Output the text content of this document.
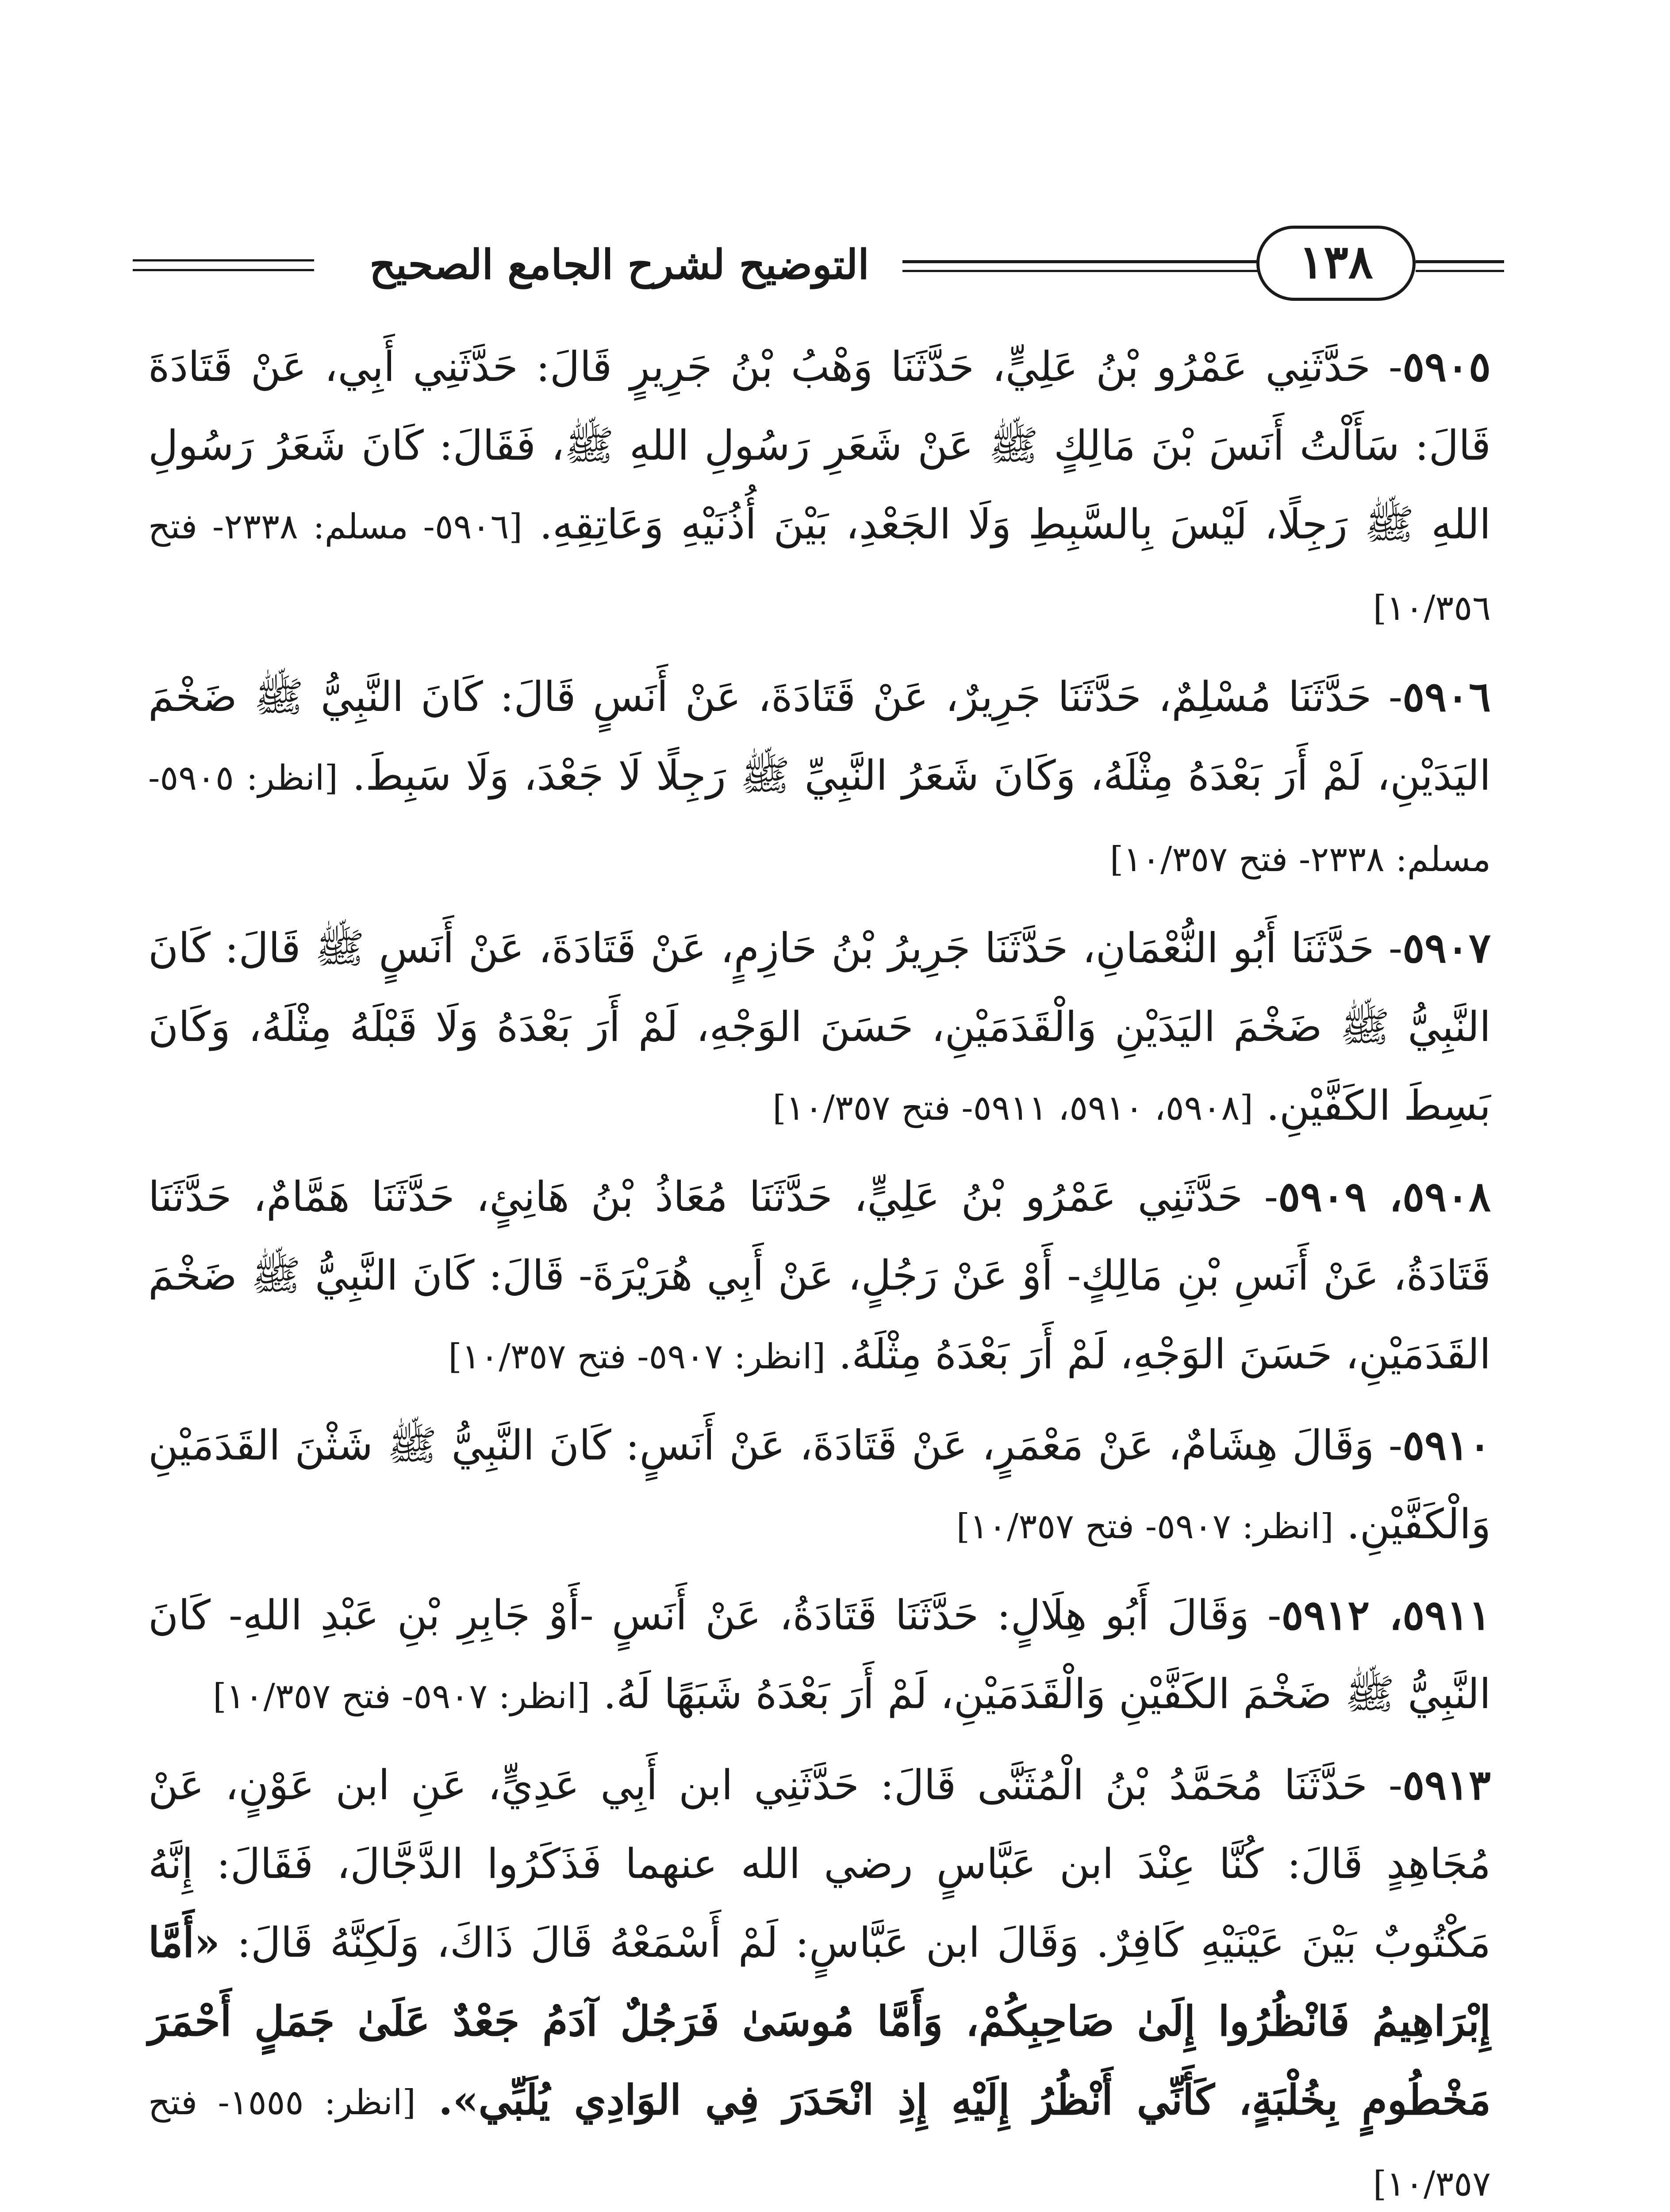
التوضيح لشرح الجامع الصحيح	١٣٨

٥٩٠٥- حَدَّثَنِي عَمْرُو بْنُ عَلِيٍّ، حَدَّثَنَا وَهْبُ بْنُ جَرِيرٍ قَالَ: حَدَّثَنِي أَبِي، عَنْ قَتَادَةَ قَالَ: سَأَلْتُ أَنَسَ بْنَ مَالِكٍ ﷺ عَنْ شَعَرِ رَسُولِ اللهِ ﷺ، فَقَالَ: كَانَ شَعَرُ رَسُولِ اللهِ ﷺ رَجِلًا، لَيْسَ بِالسَّبِطِ وَلَا الجَعْدِ، بَيْنَ أُذُنَيْهِ وَعَاتِقِهِ. [٥٩٠٦- مسلم: ٢٣٣٨- فتح ١٠/٣٥٦]

٥٩٠٦- حَدَّثَنَا مُسْلِمٌ، حَدَّثَنَا جَرِيرٌ، عَنْ قَتَادَةَ، عَنْ أَنَسٍ قَالَ: كَانَ النَّبِيُّ ﷺ ضَخْمَ اليَدَيْنِ، لَمْ أَرَ بَعْدَهُ مِثْلَهُ، وَكَانَ شَعَرُ النَّبِيِّ ﷺ رَجِلًا لَا جَعْدَ، وَلَا سَبِطَ. [انظر: ٥٩٠٥- مسلم: ٢٣٣٨- فتح ١٠/٣٥٧]

٥٩٠٧- حَدَّثَنَا أَبُو النُّعْمَانِ، حَدَّثَنَا جَرِيرُ بْنُ حَازِمٍ، عَنْ قَتَادَةَ، عَنْ أَنَسٍ ﷺ قَالَ: كَانَ النَّبِيُّ ﷺ ضَخْمَ اليَدَيْنِ وَالْقَدَمَيْنِ، حَسَنَ الوَجْهِ، لَمْ أَرَ بَعْدَهُ وَلَا قَبْلَهُ مِثْلَهُ، وَكَانَ بَسِطَ الكَفَّيْنِ. [٥٩٠٨، ٥٩١٠، ٥٩١١- فتح ١٠/٣٥٧]

٥٩٠٨، ٥٩٠٩- حَدَّثَنِي عَمْرُو بْنُ عَلِيٍّ، حَدَّثَنَا مُعَاذُ بْنُ هَانِئٍ، حَدَّثَنَا هَمَّامٌ، حَدَّثَنَا قَتَادَةُ، عَنْ أَنَسِ بْنِ مَالِكٍ- أَوْ عَنْ رَجُلٍ، عَنْ أَبِي هُرَيْرَةَ- قَالَ: كَانَ النَّبِيُّ ﷺ ضَخْمَ القَدَمَيْنِ، حَسَنَ الوَجْهِ، لَمْ أَرَ بَعْدَهُ مِثْلَهُ. [انظر: ٥٩٠٧- فتح ١٠/٣٥٧]

٥٩١٠- وَقَالَ هِشَامٌ، عَنْ مَعْمَرٍ، عَنْ قَتَادَةَ، عَنْ أَنَسٍ: كَانَ النَّبِيُّ ﷺ شَثْنَ القَدَمَيْنِ وَالْكَفَّيْنِ. [انظر: ٥٩٠٧- فتح ١٠/٣٥٧]

٥٩١١، ٥٩١٢- وَقَالَ أَبُو هِلَالٍ: حَدَّثَنَا قَتَادَةُ، عَنْ أَنَسٍ -أَوْ جَابِرِ بْنِ عَبْدِ اللهِ- كَانَ النَّبِيُّ ﷺ ضَخْمَ الكَفَّيْنِ وَالْقَدَمَيْنِ، لَمْ أَرَ بَعْدَهُ شَبَهًا لَهُ. [انظر: ٥٩٠٧- فتح ١٠/٣٥٧]

٥٩١٣- حَدَّثَنَا مُحَمَّدُ بْنُ الْمُثَنَّى قَالَ: حَدَّثَنِي ابن أَبِي عَدِيٍّ، عَنِ ابن عَوْنٍ، عَنْ مُجَاهِدٍ قَالَ: كُنَّا عِنْدَ ابن عَبَّاسٍ رضي الله عنهما فَذَكَرُوا الدَّجَّالَ، فَقَالَ: إِنَّهُ مَكْتُوبٌ بَيْنَ عَيْنَيْهِ كَافِرٌ. وَقَالَ ابن عَبَّاسٍ: لَمْ أَسْمَعْهُ قَالَ ذَاكَ، وَلَكِنَّهُ قَالَ: «أَمَّا إِبْرَاهِيمُ فَانْظُرُوا إِلَىٰ صَاحِبِكُمْ، وَأَمَّا مُوسَىٰ فَرَجُلٌ آدَمُ جَعْدٌ عَلَىٰ جَمَلٍ أَحْمَرَ مَخْطُومٍ بِخُلْبَةٍ، كَأَنِّي أَنْظُرُ إِلَيْهِ إِذِ انْحَدَرَ فِي الوَادِي يُلَبِّي». [انظر: ١٥٥٥- فتح ١٠/٣٥٧]
